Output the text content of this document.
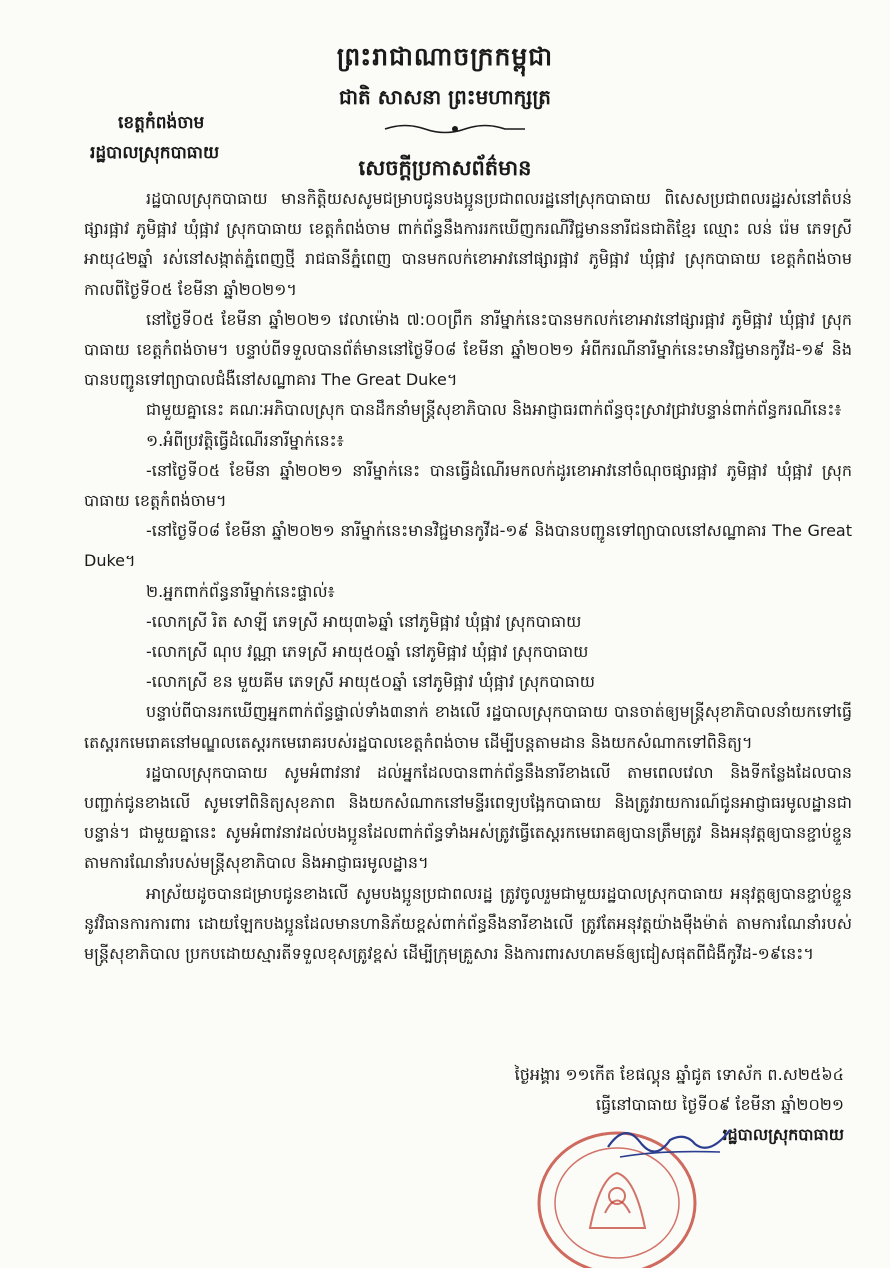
ព្រះរាជាណាចក្រកម្ពុជា
ជាតិ សាសនា ព្រះមហាក្សត្រ
ខេត្តកំពង់ចាម
រដ្ឋបាលស្រុកបាធាយ
សេចក្តីប្រកាសព័ត៌មាន

រដ្ឋបាលស្រុកបាធាយ មានកិត្តិយសសូមជម្រាបជូនបងប្អូនប្រជាពលរដ្ឋនៅស្រុកបាធាយ ពិសេសប្រជាពលរដ្ឋរស់នៅតំបន់ផ្សារផ្អាវ ភូមិផ្អាវ ឃុំផ្អាវ ស្រុកបាធាយ ខេត្តកំពង់ចាម ពាក់ព័ន្ធនឹងការរកឃើញករណីវិជ្ជមាននារីជនជាតិខ្មែរ ឈ្មោះ លន់ រ៉េម ភេទស្រី អាយុ៤២ឆ្នាំ រស់នៅសង្កាត់ភ្នំពេញថ្មី រាជធានីភ្នំពេញ បានមកលក់ខោអាវនៅផ្សារផ្អាវ ភូមិផ្អាវ ឃុំផ្អាវ ស្រុកបាធាយ ខេត្តកំពង់ចាម កាលពីថ្ងៃទី០៥ ខែមីនា ឆ្នាំ២០២១។

នៅថ្ងៃទី០៥ ខែមីនា ឆ្នាំ២០២១ វេលាម៉ោង ៧:០០ព្រឹក នារីម្នាក់នេះបានមកលក់ខោអាវនៅផ្សារផ្អាវ ភូមិផ្អាវ ឃុំផ្អាវ ស្រុកបាធាយ ខេត្តកំពង់ចាម។ បន្ទាប់ពីទទួលបានព័ត៌មាននៅថ្ងៃទី០៨ ខែមីនា ឆ្នាំ២០២១ អំពីករណីនារីម្នាក់នេះមានវិជ្ជមានកូវីដ-១៩ និងបានបញ្ជូនទៅព្យាបាលជំងឺនៅសណ្ឋាគារ The Great Duke។

ជាមួយគ្នានេះ គណៈអភិបាលស្រុក បានដឹកនាំមន្ត្រីសុខាភិបាល និងអាជ្ញាធរពាក់ព័ន្ធចុះស្រាវជ្រាវបន្ទាន់ពាក់ព័ន្ធករណីនេះ៖

១.អំពីប្រវត្តិធ្វើដំណើរនារីម្នាក់នេះ៖

-នៅថ្ងៃទី០៥ ខែមីនា ឆ្នាំ២០២១ នារីម្នាក់នេះ បានធ្វើដំណើរមកលក់ដូរខោអាវនៅចំណុចផ្សារផ្អាវ ភូមិផ្អាវ ឃុំផ្អាវ ស្រុកបាធាយ ខេត្តកំពង់ចាម។

-នៅថ្ងៃទី០៨ ខែមីនា ឆ្នាំ២០២១ នារីម្នាក់នេះមានវិជ្ជមានកូវីដ-១៩ និងបានបញ្ជូនទៅព្យាបាលនៅសណ្ឋាគារ The Great Duke។

២.អ្នកពាក់ព័ន្ធនារីម្នាក់នេះផ្ទាល់៖

-លោកស្រី រិត សាឡី ភេទស្រី អាយុ៣៦ឆ្នាំ នៅភូមិផ្អាវ ឃុំផ្អាវ ស្រុកបាធាយ

-លោកស្រី ណុប វណ្ណា ភេទស្រី អាយុ៥០ឆ្នាំ នៅភូមិផ្អាវ ឃុំផ្អាវ ស្រុកបាធាយ

-លោកស្រី ខន មួយគីម ភេទស្រី អាយុ៥០ឆ្នាំ នៅភូមិផ្អាវ ឃុំផ្អាវ ស្រុកបាធាយ

បន្ទាប់ពីបានរកឃើញអ្នកពាក់ព័ន្ធផ្ទាល់ទាំង៣នាក់ ខាងលើ រដ្ឋបាលស្រុកបាធាយ បានចាត់ឲ្យមន្ត្រីសុខាភិបាលនាំយកទៅធ្វើតេស្តរកមេរោគនៅមណ្ឌលតេស្តរកមេរោគរបស់រដ្ឋបាលខេត្តកំពង់ចាម ដើម្បីបន្តតាមដាន និងយកសំណាកទៅពិនិត្យ។

រដ្ឋបាលស្រុកបាធាយ សូមអំពាវនាវ ដល់អ្នកដែលបានពាក់ព័ន្ធនឹងនារីខាងលើ តាមពេលវេលា និងទីកន្លែងដែលបានបញ្ជាក់ជូនខាងលើ សូមទៅពិនិត្យសុខភាព និងយកសំណាកនៅមន្ទីរពេទ្យបង្អែកបាធាយ និងត្រូវរាយការណ៍ជូនអាជ្ញាធរមូលដ្ឋានជាបន្ទាន់។ ជាមួយគ្នានេះ សូមអំពាវនាវដល់បងប្អូនដែលពាក់ព័ន្ធទាំងអស់ត្រូវធ្វើតេស្តរកមេរោគឲ្យបានត្រឹមត្រូវ និងអនុវត្តឲ្យបានខ្ជាប់ខ្ជួនតាមការណែនាំរបស់មន្ត្រីសុខាភិបាល និងអាជ្ញាធរមូលដ្ឋាន។

អាស្រ័យដូចបានជម្រាបជូនខាងលើ សូមបងប្អូនប្រជាពលរដ្ឋ ត្រូវចូលរួមជាមួយរដ្ឋបាលស្រុកបាធាយ អនុវត្តឲ្យបានខ្ជាប់ខ្ជួននូវវិធានការការពារ ដោយឡែកបងប្អូនដែលមានហានិភ័យខ្ពស់ពាក់ព័ន្ធនឹងនារីខាងលើ ត្រូវតែអនុវត្តយ៉ាងម៉ឺងម៉ាត់ តាមការណែនាំរបស់មន្ត្រីសុខាភិបាល ប្រកបដោយស្មារតីទទួលខុសត្រូវខ្ពស់ ដើម្បីក្រុមគ្រួសារ និងការពារសហគមន៍ឲ្យជៀសផុតពីជំងឺកូវីដ-១៩នេះ។

ថ្ងៃអង្គារ ១១កើត ខែផល្គុន ឆ្នាំជូត ទោស័ក ព.ស២៥៦៤
ធ្វើនៅបាធាយ ថ្ងៃទី០៩ ខែមីនា ឆ្នាំ២០២១
រដ្ឋបាលស្រុកបាធាយ
